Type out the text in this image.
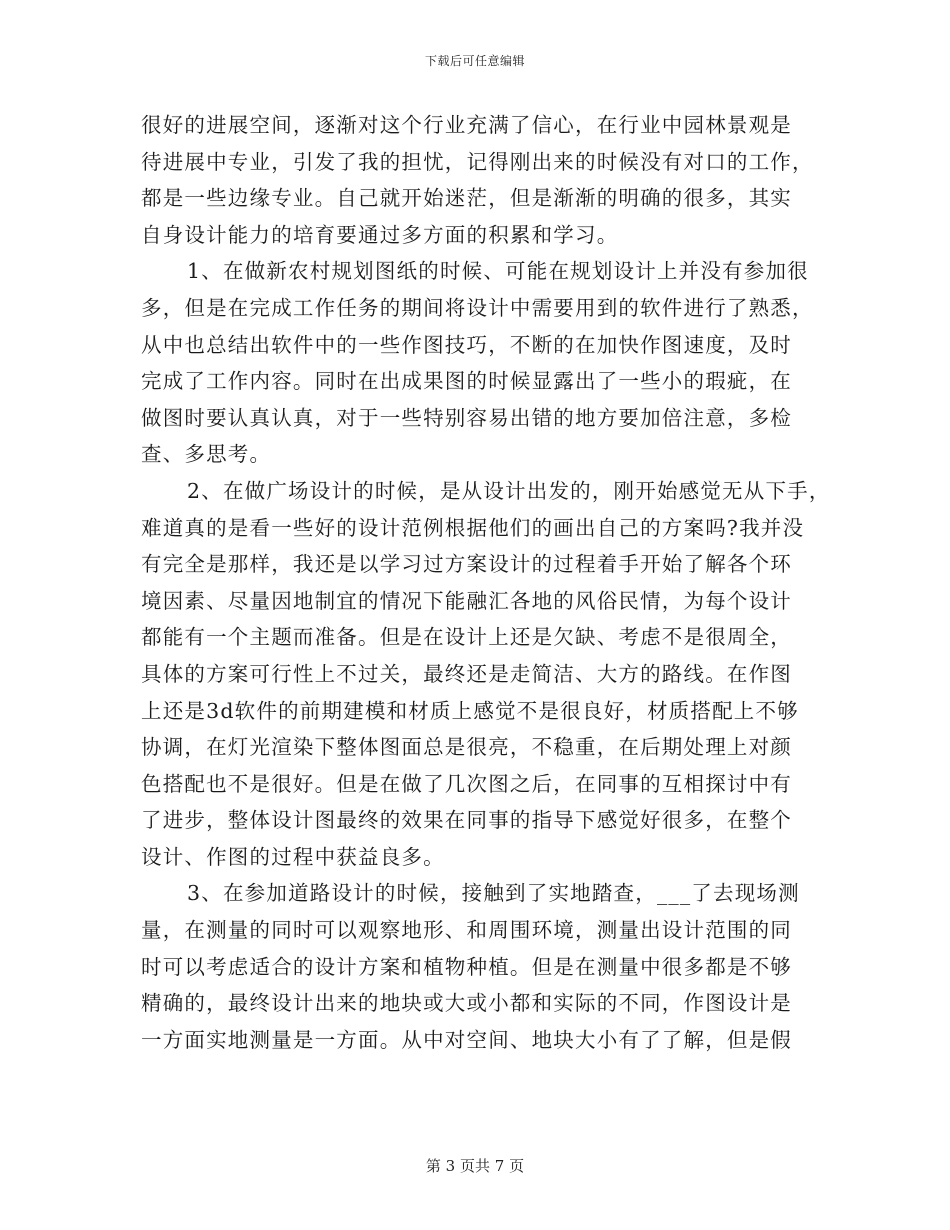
下载后可任意编辑
很好的进展空间，逐渐对这个行业充满了信心，在行业中园林景观是
待进展中专业，引发了我的担忧，记得刚出来的时候没有对口的工作，
都是一些边缘专业。自己就开始迷茫，但是渐渐的明确的很多，其实
自身设计能力的培育要通过多方面的积累和学习。
1、在做新农村规划图纸的时候、可能在规划设计上并没有参加很
多，但是在完成工作任务的期间将设计中需要用到的软件进行了熟悉，
从中也总结出软件中的一些作图技巧，不断的在加快作图速度，及时
完成了工作内容。同时在出成果图的时候显露出了一些小的瑕疵，在
做图时要认真认真，对于一些特别容易出错的地方要加倍注意，多检
查、多思考。
2、在做广场设计的时候，是从设计出发的，刚开始感觉无从下手，
难道真的是看一些好的设计范例根据他们的画出自己的方案吗?我并没
有完全是那样，我还是以学习过方案设计的过程着手开始了解各个环
境因素、尽量因地制宜的情况下能融汇各地的风俗民情，为每个设计
都能有一个主题而准备。但是在设计上还是欠缺、考虑不是很周全，
具体的方案可行性上不过关，最终还是走简洁、大方的路线。在作图
上还是3d软件的前期建模和材质上感觉不是很良好，材质搭配上不够
协调，在灯光渲染下整体图面总是很亮，不稳重，在后期处理上对颜
色搭配也不是很好。但是在做了几次图之后，在同事的互相探讨中有
了进步，整体设计图最终的效果在同事的指导下感觉好很多，在整个
设计、作图的过程中获益良多。
3、在参加道路设计的时候，接触到了实地踏查，___了去现场测
量，在测量的同时可以观察地形、和周围环境，测量出设计范围的同
时可以考虑适合的设计方案和植物种植。但是在测量中很多都是不够
精确的，最终设计出来的地块或大或小都和实际的不同，作图设计是
一方面实地测量是一方面。从中对空间、地块大小有了了解，但是假
第 3 页共 7 页
